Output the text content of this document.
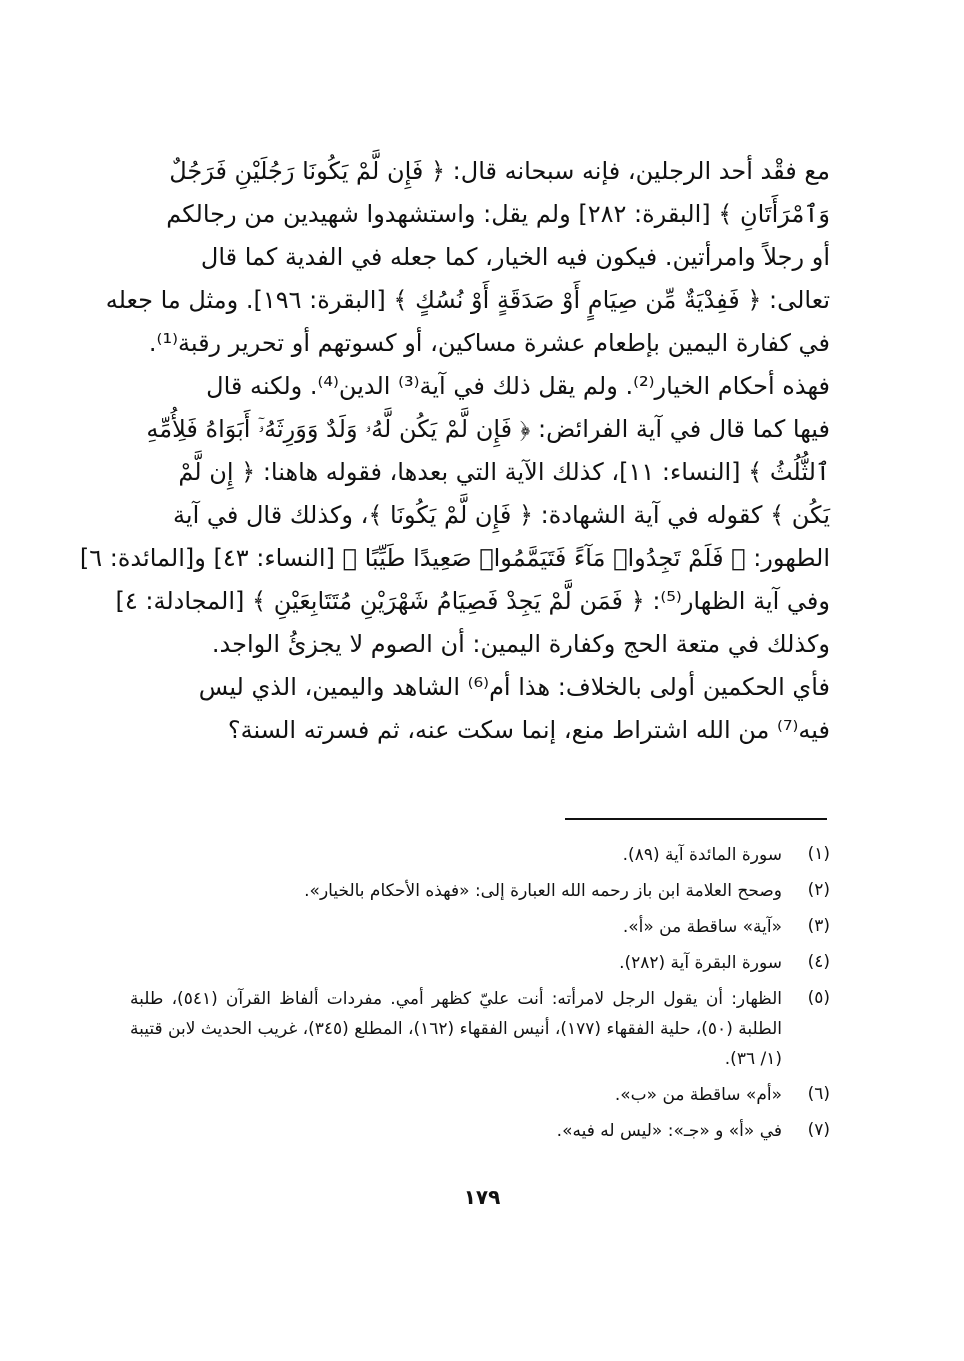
مع فقْد أحد الرجلين، فإنه سبحانه قال: ﴿ فَإِن لَّمْ يَكُونَا رَجُلَيْنِ فَرَجُلٌ
وَٱمْرَأَتَانِ ﴾ [البقرة: ٢٨٢] ولم يقل: واستشهدوا شهيدين من رجالكم
أو رجلاً وامرأتين. فيكون فيه الخيار، كما جعله في الفدية كما قال
تعالى: ﴿ فَفِدْيَةٌ مِّن صِيَامٍ أَوْ صَدَقَةٍ أَوْ نُسُكٍ ﴾ [البقرة: ١٩٦]. ومثل ما جعله
في كفارة اليمين بإطعام عشرة مساكين، أو كسوتهم أو تحرير رقبة⁽¹⁾.
فهذه أحكام الخيار⁽²⁾. ولم يقل ذلك في آية⁽³⁾ الدين⁽⁴⁾. ولكنه قال
فيها كما قال في آية الفرائض: ﴿ فَإِن لَّمْ يَكُن لَّهُۥ وَلَدٌ وَوَرِثَهُۥٓ أَبَوَاهُ فَلِأُمِّهِ
ٱلثُّلُثُ ﴾ [النساء: ١١]، كذلك الآية التي بعدها، فقوله هاهنا: ﴿ إِن لَّمْ
يَكُن ﴾ كقوله في آية الشهادة: ﴿ فَإِن لَّمْ يَكُونَا ﴾، وكذلك قال في آية
الطهور: ﴿ فَلَمْ تَجِدُوا۟ مَآءً فَتَيَمَّمُوا۟ صَعِيدًا طَيِّبًا ﴾ [النساء: ٤٣] و[المائدة: ٦]
وفي آية الظهار⁽⁵⁾: ﴿ فَمَن لَّمْ يَجِدْ فَصِيَامُ شَهْرَيْنِ مُتَتَابِعَيْنِ ﴾ [المجادلة: ٤]
وكذلك في متعة الحج وكفارة اليمين: أن الصوم لا يجزئُ الواجد.
فأي الحكمين أولى بالخلاف: هذا أم⁽⁶⁾ الشاهد واليمين، الذي ليس
فيه⁽⁷⁾ من الله اشتراط منع، إنما سكت عنه، ثم فسرته السنة؟
(١)
سورة المائدة آية (٨٩).
(٢)
وصحح العلامة ابن باز رحمه الله العبارة إلى: «فهذه الأحكام بالخيار».
(٣)
«آية» ساقطة من «أ».
(٤)
سورة البقرة آية (٢٨٢).
(٥)
الظهار: أن يقول الرجل لامرأته: أنت عليّ كظهر أمي. مفردات ألفاظ القرآن (٥٤١)، طلبة الطلبة (٥٠)، حلية الفقهاء (١٧٧)، أنيس الفقهاء (١٦٢)، المطلع (٣٤٥)، غريب الحديث لابن قتيبة (١/ ٣٦).
(٦)
«أم» ساقطة من «ب».
(٧)
في «أ» و «جـ»: «ليس له فيه».
١٧٩
